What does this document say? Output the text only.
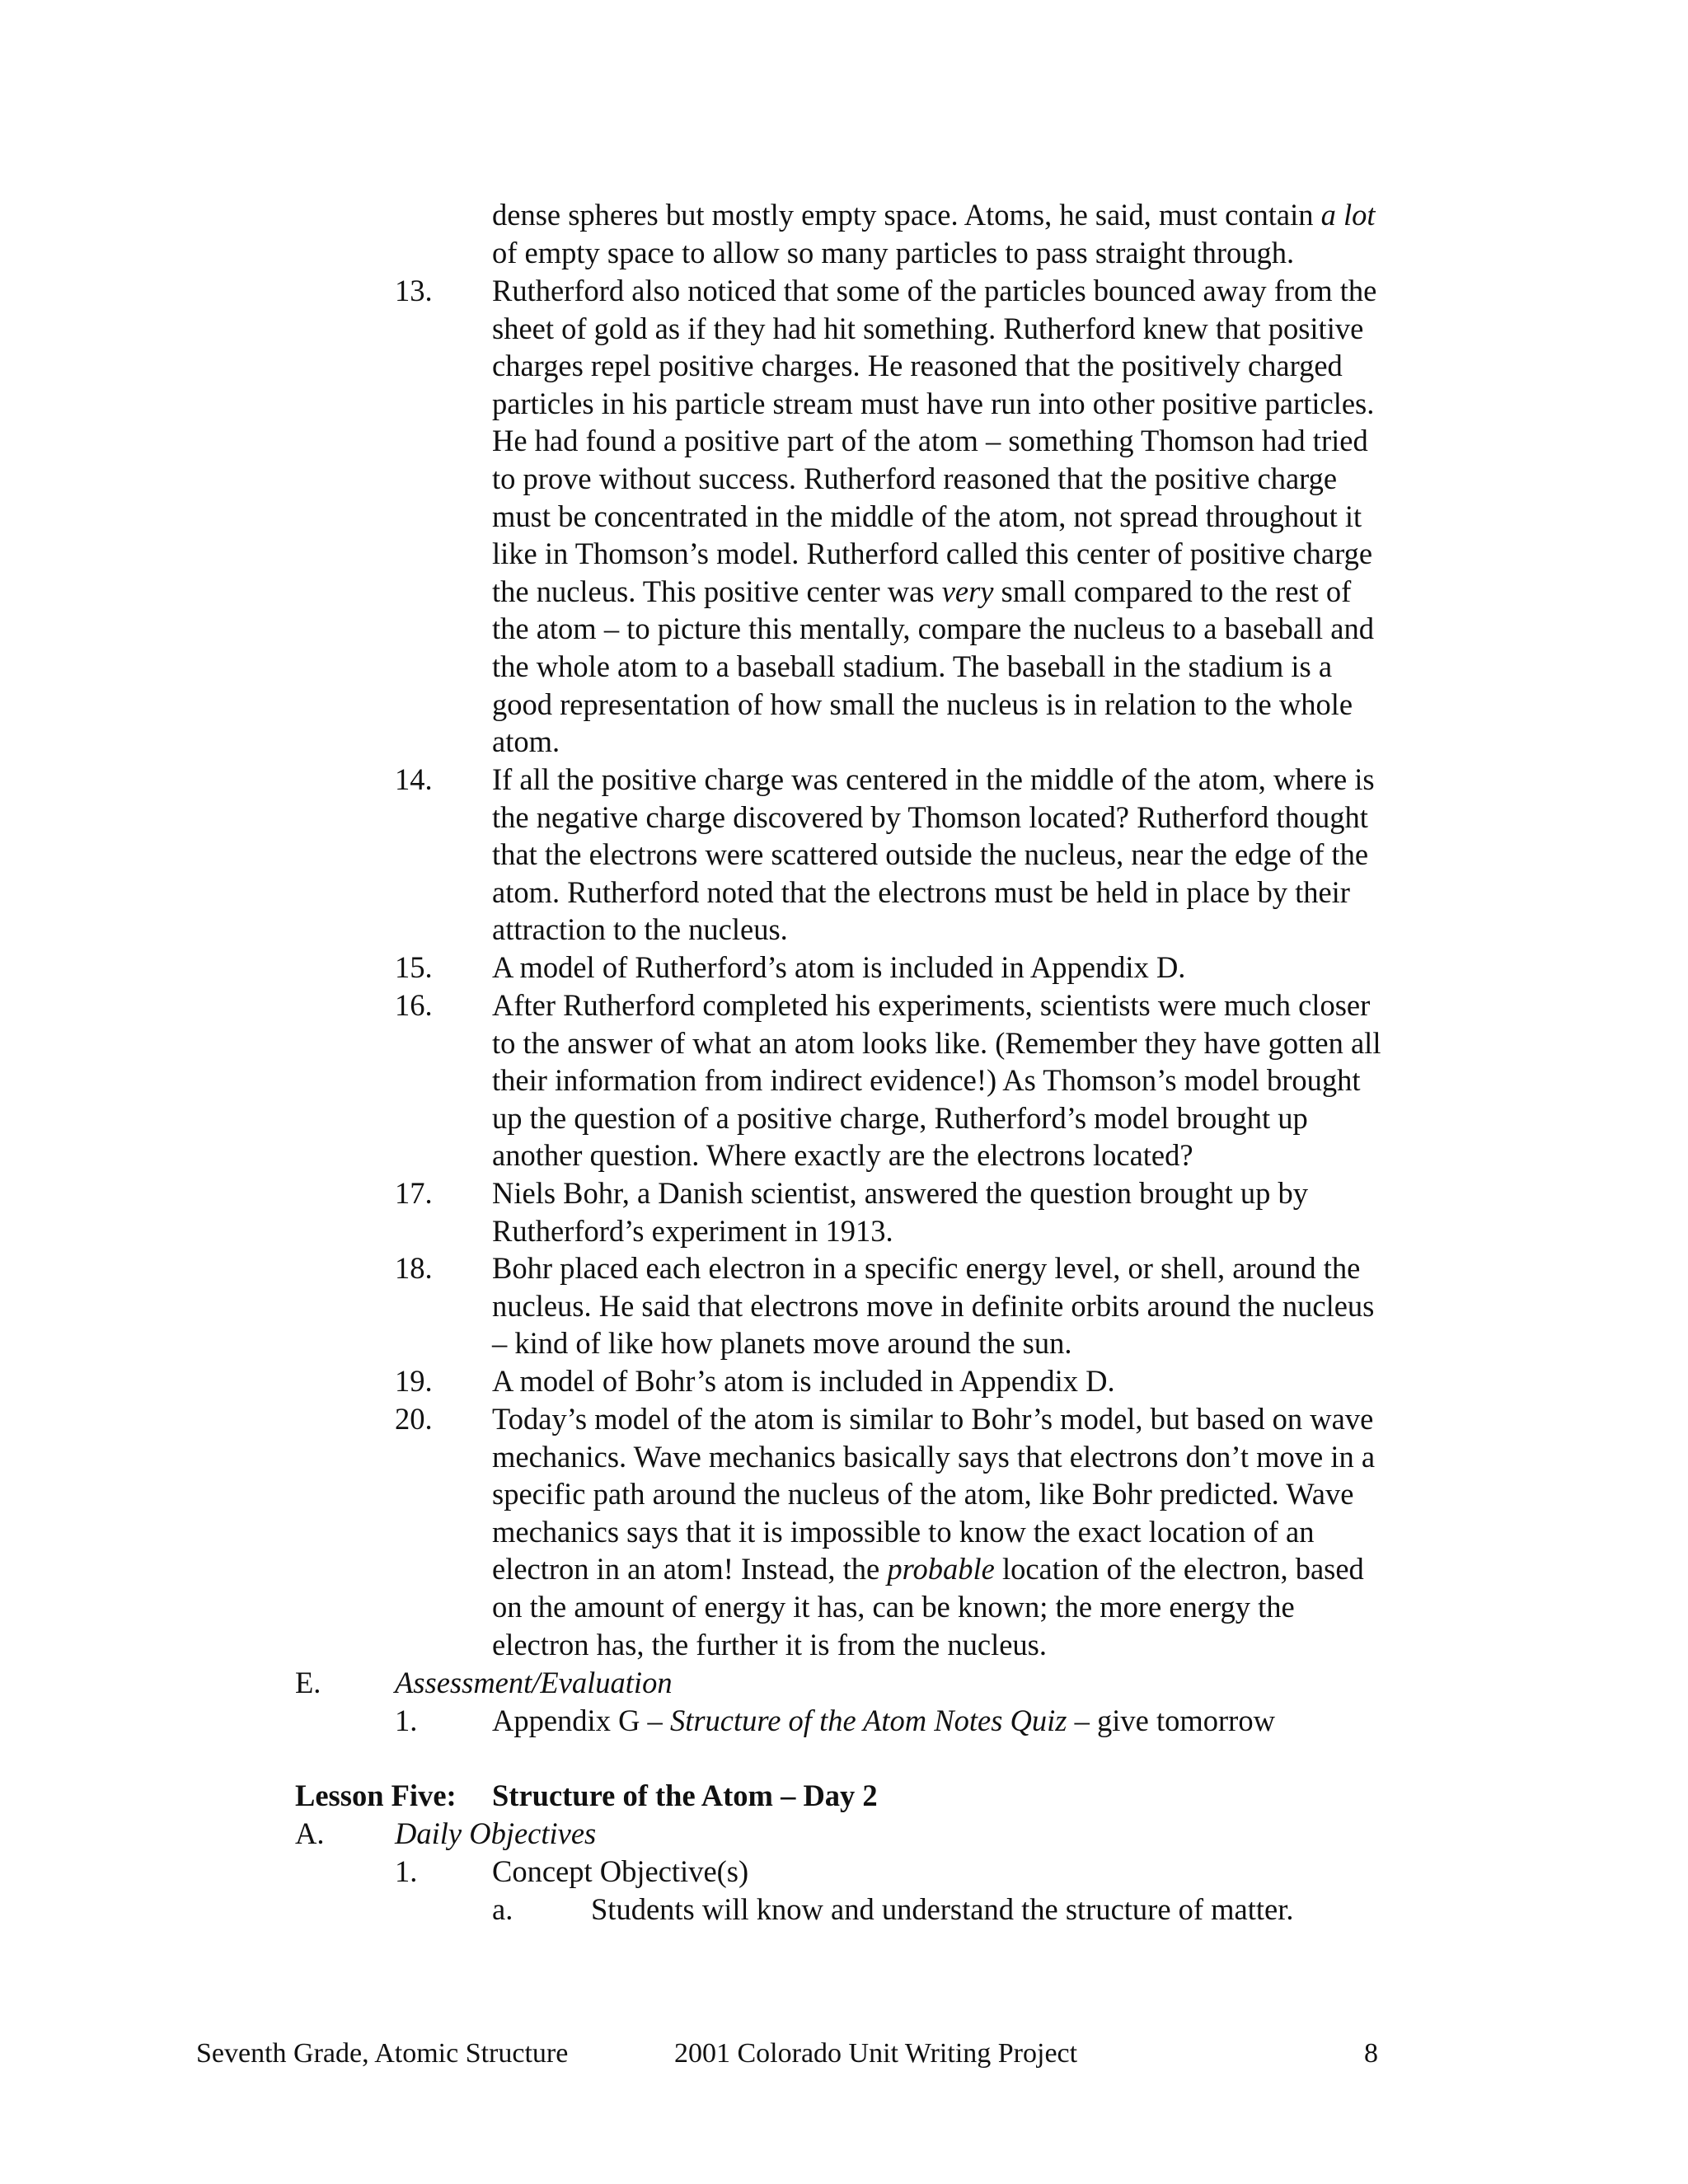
dense spheres but mostly empty space. Atoms, he said, must contain a lot
of empty space to allow so many particles to pass straight through.
13. Rutherford also noticed that some of the particles bounced away from the
sheet of gold as if they had hit something. Rutherford knew that positive
charges repel positive charges. He reasoned that the positively charged
particles in his particle stream must have run into other positive particles.
He had found a positive part of the atom – something Thomson had tried
to prove without success. Rutherford reasoned that the positive charge
must be concentrated in the middle of the atom, not spread throughout it
like in Thomson’s model. Rutherford called this center of positive charge
the nucleus. This positive center was very small compared to the rest of
the atom – to picture this mentally, compare the nucleus to a baseball and
the whole atom to a baseball stadium. The baseball in the stadium is a
good representation of how small the nucleus is in relation to the whole
atom.
14. If all the positive charge was centered in the middle of the atom, where is
the negative charge discovered by Thomson located? Rutherford thought
that the electrons were scattered outside the nucleus, near the edge of the
atom. Rutherford noted that the electrons must be held in place by their
attraction to the nucleus.
15. A model of Rutherford’s atom is included in Appendix D.
16. After Rutherford completed his experiments, scientists were much closer
to the answer of what an atom looks like. (Remember they have gotten all
their information from indirect evidence!) As Thomson’s model brought
up the question of a positive charge, Rutherford’s model brought up
another question. Where exactly are the electrons located?
17. Niels Bohr, a Danish scientist, answered the question brought up by
Rutherford’s experiment in 1913.
18. Bohr placed each electron in a specific energy level, or shell, around the
nucleus. He said that electrons move in definite orbits around the nucleus
– kind of like how planets move around the sun.
19. A model of Bohr’s atom is included in Appendix D.
20. Today’s model of the atom is similar to Bohr’s model, but based on wave
mechanics. Wave mechanics basically says that electrons don’t move in a
specific path around the nucleus of the atom, like Bohr predicted. Wave
mechanics says that it is impossible to know the exact location of an
electron in an atom! Instead, the probable location of the electron, based
on the amount of energy it has, can be known; the more energy the
electron has, the further it is from the nucleus.
E. Assessment/Evaluation
1. Appendix G – Structure of the Atom Notes Quiz – give tomorrow
Lesson Five: Structure of the Atom – Day 2
A. Daily Objectives
1. Concept Objective(s)
a.	Students will know and understand the structure of matter.
Seventh Grade, Atomic Structure	2001 Colorado Unit Writing Project	8
